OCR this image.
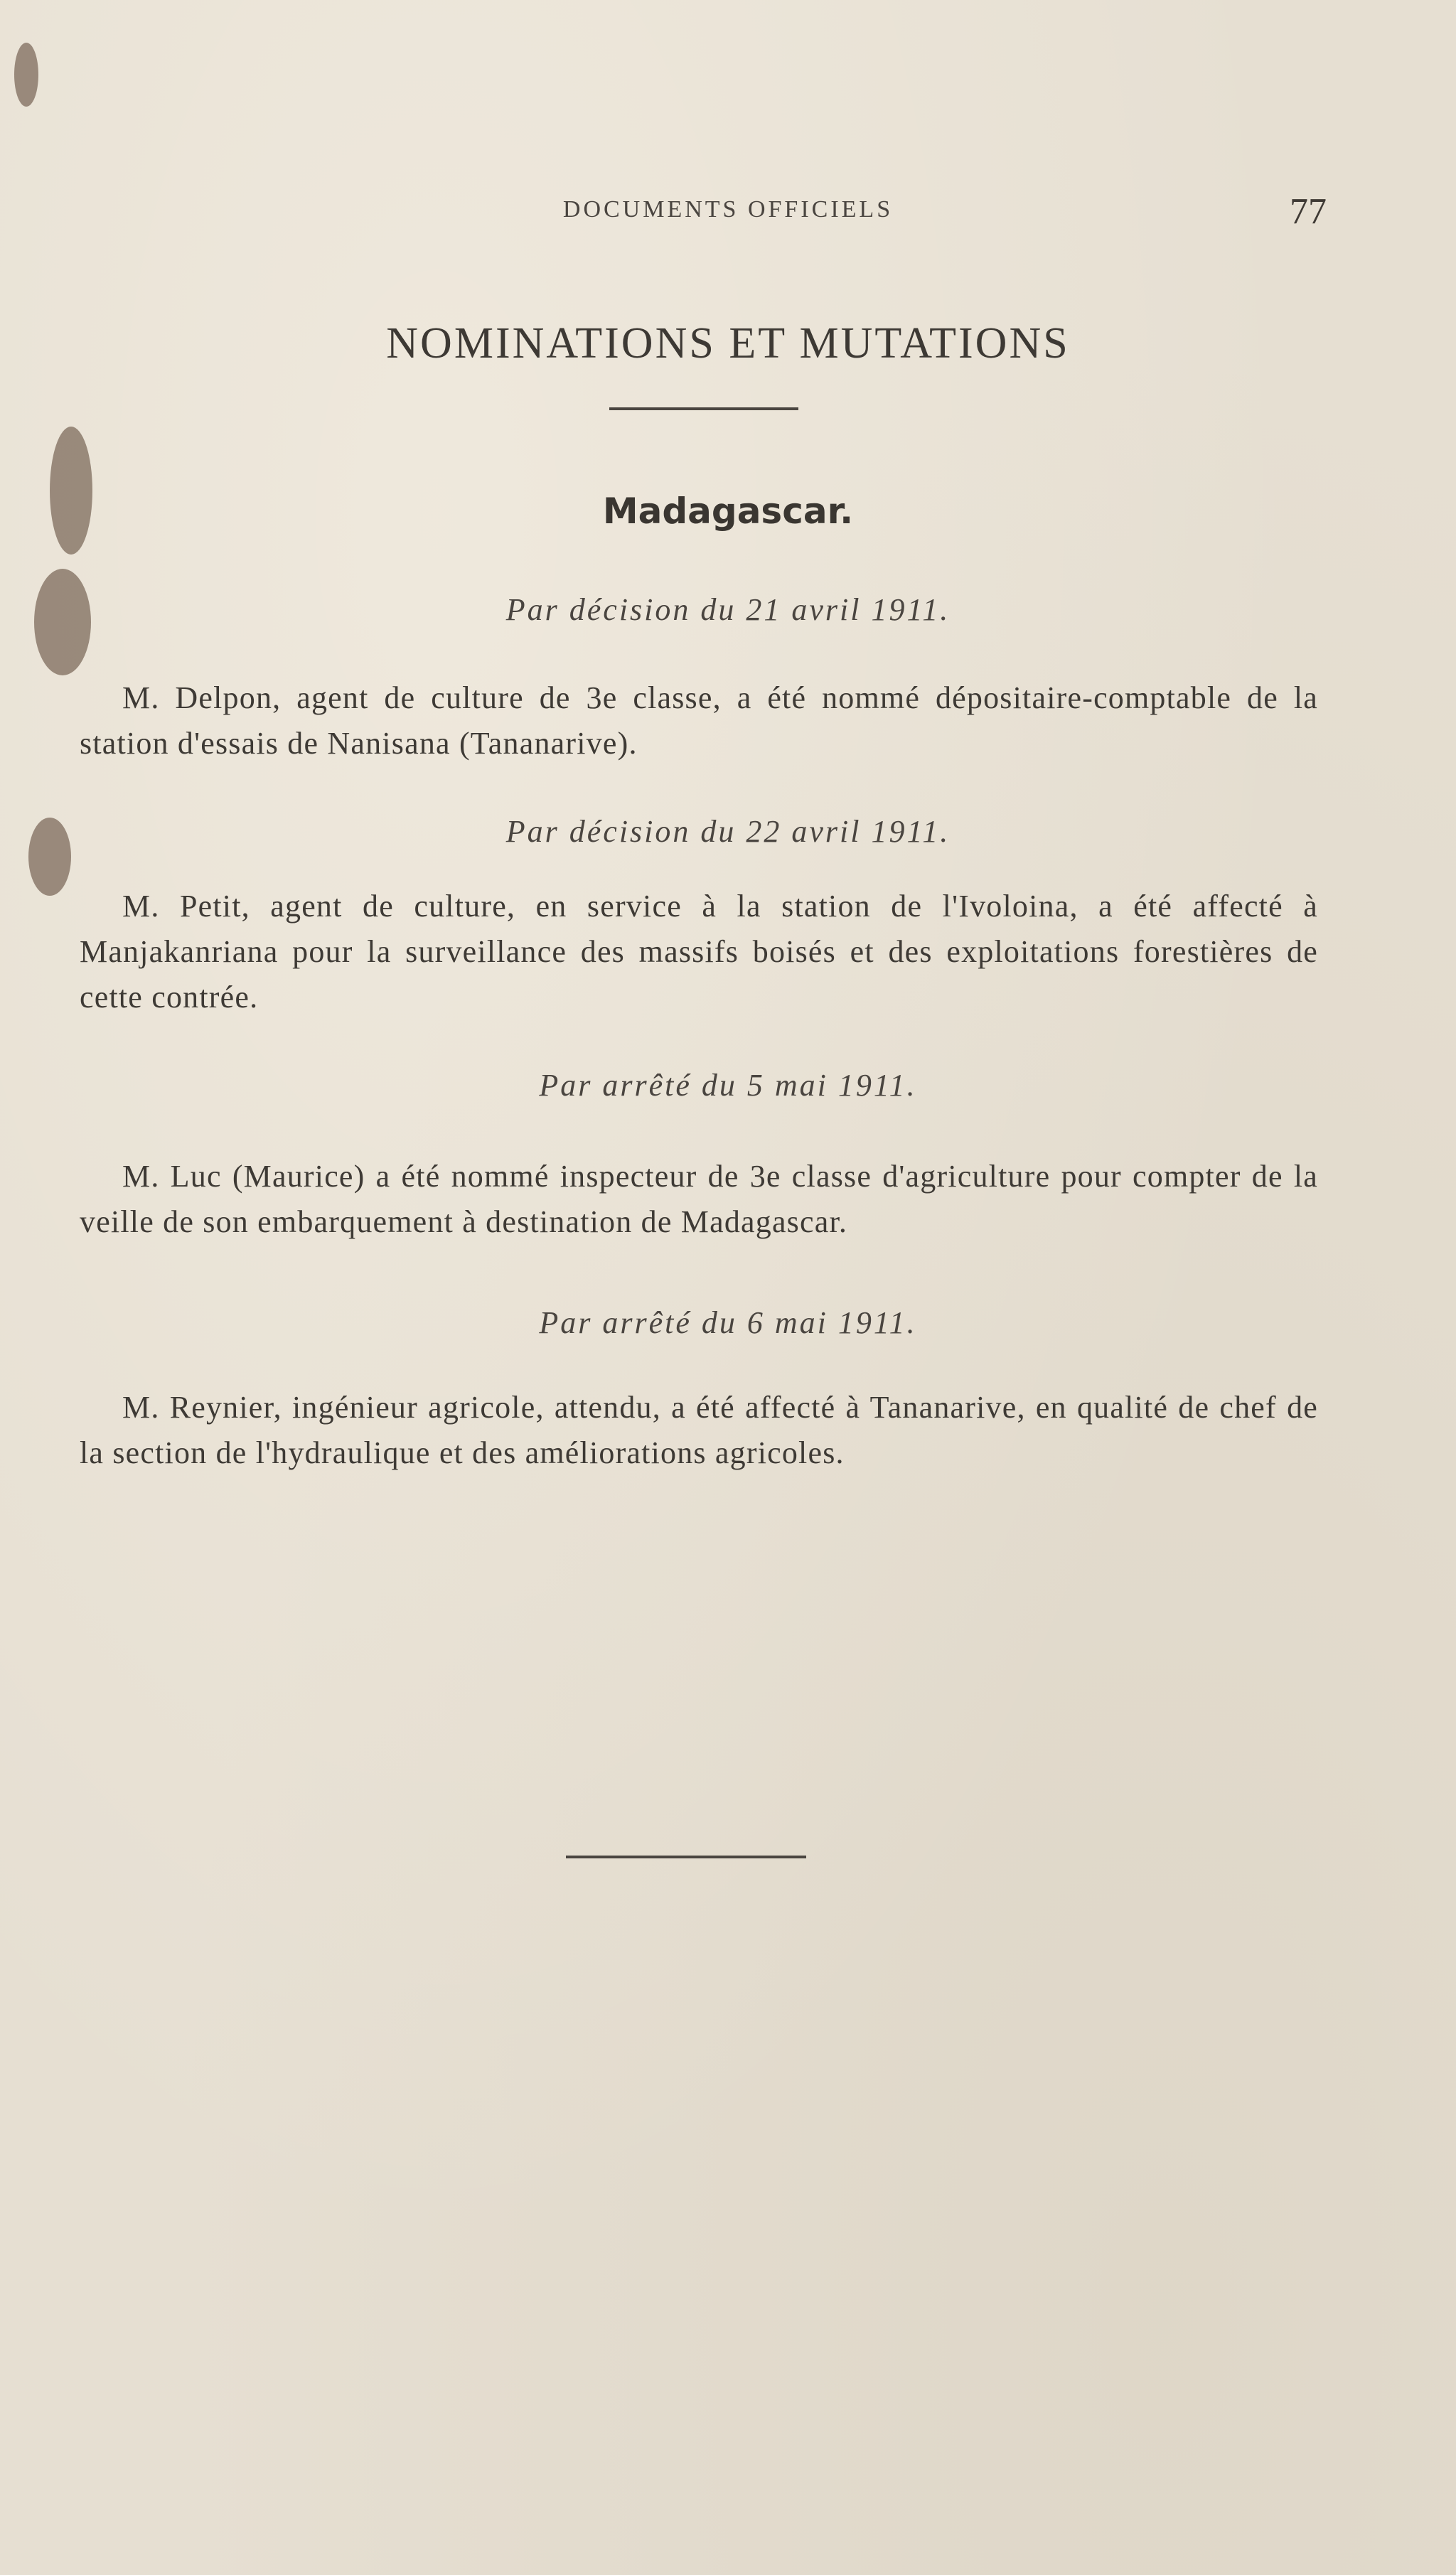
DOCUMENTS OFFICIELS	77
NOMINATIONS ET MUTATIONS
Madagascar.
Par décision du 21 avril 1911.
M. Delpon, agent de culture de 3e classe, a été nommé dépositaire-comptable de la station d'essais de Nanisana (Tananarive).
Par décision du 22 avril 1911.
M. Petit, agent de culture, en service à la station de l'Ivoloina, a été affecté à Manjakanriana pour la surveillance des massifs boisés et des exploitations forestières de cette contrée.
Par arrêté du 5 mai 1911.
M. Luc (Maurice) a été nommé inspecteur de 3e classe d'agriculture pour compter de la veille de son embarquement à destination de Madagascar.
Par arrêté du 6 mai 1911.
M. Reynier, ingénieur agricole, attendu, a été affecté à Tananarive, en qualité de chef de la section de l'hydraulique et des améliorations agricoles.
